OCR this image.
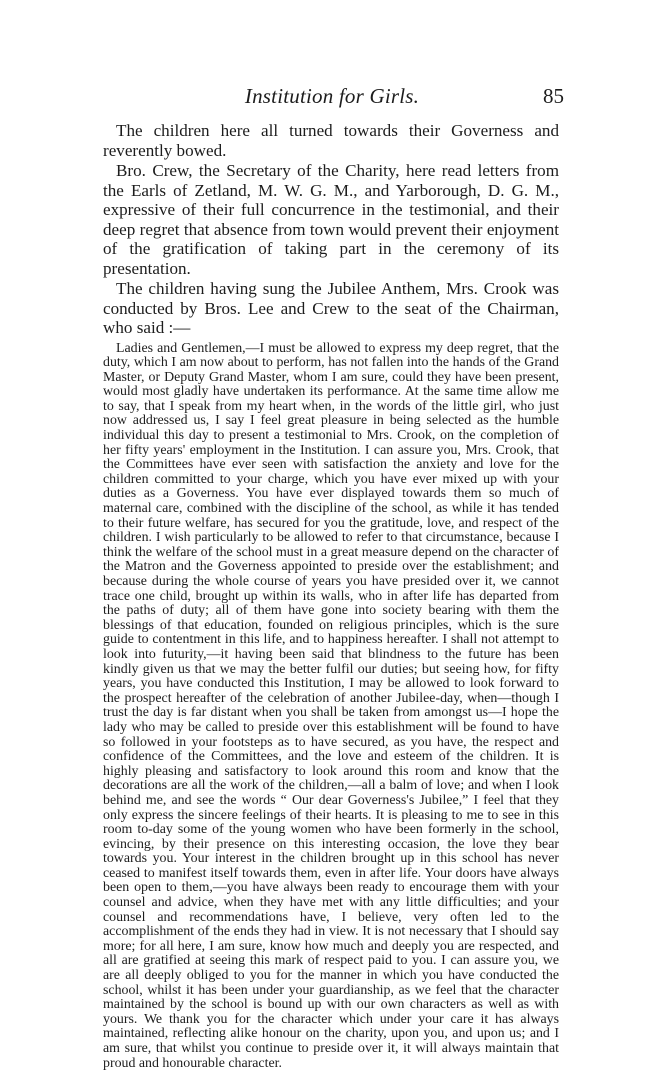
Institution for Girls.	85

The children here all turned towards their Governess and reverently bowed.

Bro. Crew, the Secretary of the Charity, here read letters from the Earls of Zetland, M. W. G. M., and Yarborough, D. G. M., expressive of their full concurrence in the testimonial, and their deep regret that absence from town would prevent their enjoyment of the gratification of taking part in the ceremony of its presentation.

The children having sung the Jubilee Anthem, Mrs. Crook was conducted by Bros. Lee and Crew to the seat of the Chairman, who said :—

Ladies and Gentlemen,—I must be allowed to express my deep regret, that the duty, which I am now about to perform, has not fallen into the hands of the Grand Master, or Deputy Grand Master, whom I am sure, could they have been present, would most gladly have undertaken its performance. At the same time allow me to say, that I speak from my heart when, in the words of the little girl, who just now addressed us, I say I feel great pleasure in being selected as the humble individual this day to present a testimonial to Mrs. Crook, on the completion of her fifty years' employment in the Institution. I can assure you, Mrs. Crook, that the Committees have ever seen with satisfaction the anxiety and love for the children committed to your charge, which you have ever mixed up with your duties as a Governess. You have ever displayed towards them so much of maternal care, combined with the discipline of the school, as while it has tended to their future welfare, has secured for you the gratitude, love, and respect of the children. I wish particularly to be allowed to refer to that circumstance, because I think the welfare of the school must in a great measure depend on the character of the Matron and the Governess appointed to preside over the establishment; and because during the whole course of years you have presided over it, we cannot trace one child, brought up within its walls, who in after life has departed from the paths of duty; all of them have gone into society bearing with them the blessings of that education, founded on religious principles, which is the sure guide to contentment in this life, and to happiness hereafter. I shall not attempt to look into futurity,—it having been said that blindness to the future has been kindly given us that we may the better fulfil our duties; but seeing how, for fifty years, you have conducted this Institution, I may be allowed to look forward to the prospect hereafter of the celebration of another Jubilee-day, when—though I trust the day is far distant when you shall be taken from amongst us—I hope the lady who may be called to preside over this establishment will be found to have so followed in your footsteps as to have secured, as you have, the respect and confidence of the Committees, and the love and esteem of the children. It is highly pleasing and satisfactory to look around this room and know that the decorations are all the work of the children,—all a balm of love; and when I look behind me, and see the words “ Our dear Governess's Jubilee,” I feel that they only express the sincere feelings of their hearts. It is pleasing to me to see in this room to-day some of the young women who have been formerly in the school, evincing, by their presence on this interesting occasion, the love they bear towards you. Your interest in the children brought up in this school has never ceased to manifest itself towards them, even in after life. Your doors have always been open to them,—you have always been ready to encourage them with your counsel and advice, when they have met with any little difficulties; and your counsel and recommendations have, I believe, very often led to the accomplishment of the ends they had in view. It is not necessary that I should say more; for all here, I am sure, know how much and deeply you are respected, and all are gratified at seeing this mark of respect paid to you. I can assure you, we are all deeply obliged to you for the manner in which you have conducted the school, whilst it has been under your guardianship, as we feel that the character maintained by the school is bound up with our own characters as well as with yours. We thank you for the character which under your care it has always maintained, reflecting alike honour on the charity, upon you, and upon us; and I am sure, that whilst you continue to preside over it, it will always maintain that proud and honourable character.
